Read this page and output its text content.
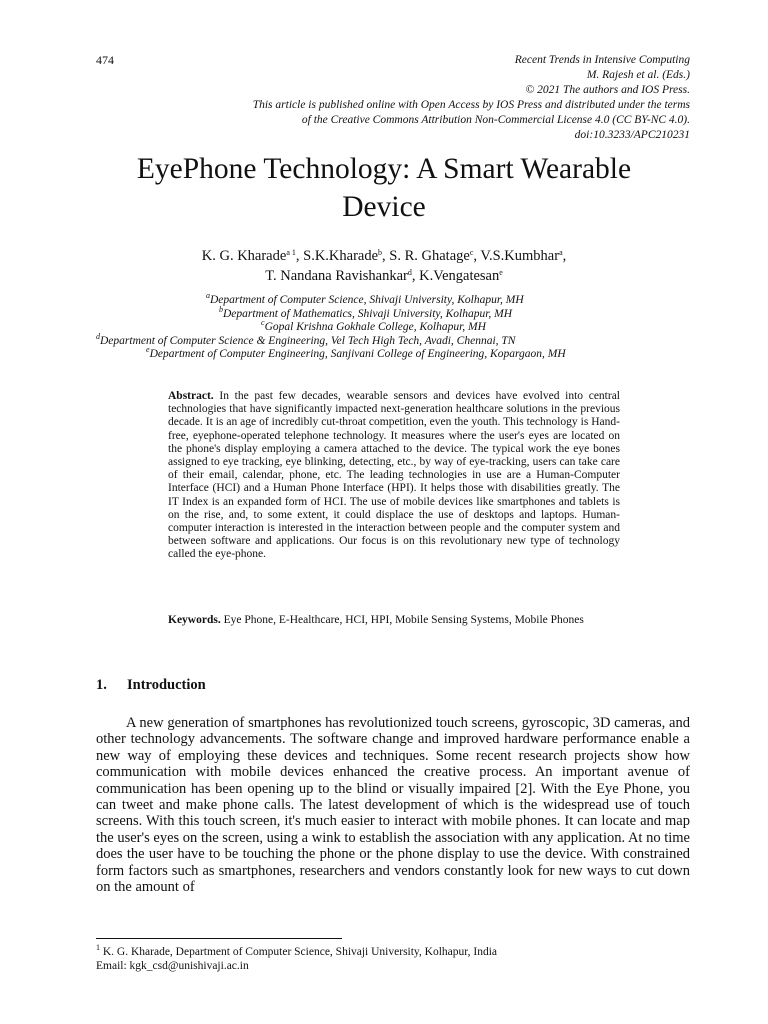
474	Recent Trends in Intensive Computing
M. Rajesh et al. (Eds.)
© 2021 The authors and IOS Press.
This article is published online with Open Access by IOS Press and distributed under the terms
of the Creative Commons Attribution Non-Commercial License 4.0 (CC BY-NC 4.0).
doi:10.3233/APC210231
EyePhone Technology: A Smart Wearable
Device
K. G. Kharade$^{a 1}$, S.K.Kharade$^b$, S. R. Ghatage$^c$, V.S.Kumbhar$^a$,
T. Nandana Ravishankar$^d$, K.Vengatesan$^e$
$^a$Department of Computer Science, Shivaji University, Kolhapur, MH
$^b$Department of Mathematics, Shivaji University, Kolhapur, MH
$^c$Gopal Krishna Gokhale College, Kolhapur, MH
$^d$Department of Computer Science & Engineering, Vel Tech High Tech, Avadi, Chennai, TN
$^e$Department of Computer Engineering, Sanjivani College of Engineering, Kopargaon, MH
Abstract. In the past few decades, wearable sensors and devices have evolved into central technologies that have significantly impacted next-generation healthcare solutions in the previous decade. It is an age of incredibly cut-throat competition, even the youth. This technology is Hand-free, eyephone-operated telephone technology. It measures where the user's eyes are located on the phone's display employing a camera attached to the device. The typical work the eye bones assigned to eye tracking, eye blinking, detecting, etc., by way of eye-tracking, users can take care of their email, calendar, phone, etc. The leading technologies in use are a Human-Computer Interface (HCI) and a Human Phone Interface (HPI). It helps those with disabilities greatly. The IT Index is an expanded form of HCI. The use of mobile devices like smartphones and tablets is on the rise, and, to some extent, it could displace the use of desktops and laptops. Human-computer interaction is interested in the interaction between people and the computer system and between software and applications. Our focus is on this revolutionary new type of technology called the eye-phone.
Keywords. Eye Phone, E-Healthcare, HCI, HPI, Mobile Sensing Systems, Mobile Phones
1. Introduction
A new generation of smartphones has revolutionized touch screens, gyroscopic, 3D cameras, and other technology advancements. The software change and improved hardware performance enable a new way of employing these devices and techniques. Some recent research projects show how communication with mobile devices enhanced the creative process. An important avenue of communication has been opening up to the blind or visually impaired [2]. With the Eye Phone, you can tweet and make phone calls. The latest development of which is the widespread use of touch screens. With this touch screen, it's much easier to interact with mobile phones. It can locate and map the user's eyes on the screen, using a wink to establish the association with any application. At no time does the user have to be touching the phone or the phone display to use the device. With constrained form factors such as smartphones, researchers and vendors constantly look for new ways to cut down on the amount of
$^1$ K. G. Kharade, Department of Computer Science, Shivaji University, Kolhapur, India
Email: kgk_csd@unishivaji.ac.in
